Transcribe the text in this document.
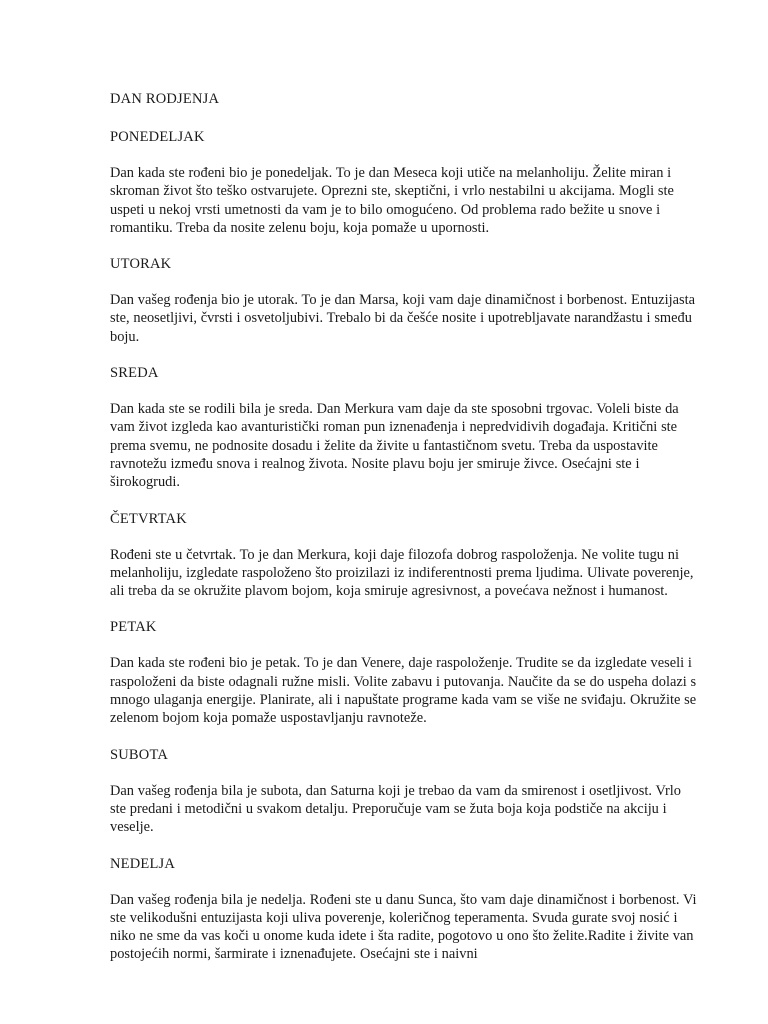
DAN RODJENJA
PONEDELJAK
Dan kada ste rođeni bio je ponedeljak. To je dan Meseca koji utiče na melanholiju. Želite miran i skroman život što teško ostvarujete. Oprezni ste, skeptični, i vrlo nestabilni u akcijama. Mogli ste uspeti u nekoj vrsti umetnosti da vam je to bilo omogućeno. Od problema rado bežite u snove i romantiku. Treba da nosite zelenu boju, koja pomaže u upornosti.
UTORAK
Dan vašeg rođenja bio je utorak. To je dan Marsa, koji vam daje dinamičnost i borbenost. Entuzijasta ste, neosetljivi, čvrsti i osvetoljubivi. Trebalo bi da češće nosite i upotrebljavate narandžastu i smeđu boju.
SREDA
Dan kada ste se rodili bila je sreda. Dan Merkura vam daje da ste sposobni trgovac. Voleli biste da vam život izgleda kao avanturistički roman pun iznenađenja i nepredvidivih događaja. Kritični ste prema svemu, ne podnosite dosadu i želite da živite u fantastičnom svetu. Treba da uspostavite ravnotežu između snova i realnog života. Nosite plavu boju jer smiruje živce. Osećajni ste i širokogrudi.
ČETVRTAK
Rođeni ste u četvrtak. To je dan Merkura, koji daje filozofa dobrog raspoloženja. Ne volite tugu ni melanholiju, izgledate raspoloženo što proizilazi iz indiferentnosti prema ljudima. Ulivate poverenje, ali treba da se okružite plavom bojom, koja smiruje agresivnost, a povećava nežnost i humanost.
PETAK
Dan kada ste rođeni bio je petak. To je dan Venere, daje raspoloženje. Trudite se da izgledate veseli i raspoloženi da biste odagnali ružne misli. Volite zabavu i putovanja. Naučite da se do uspeha dolazi s mnogo ulaganja energije. Planirate, ali i napuštate programe kada vam se više ne sviđaju. Okružite se zelenom bojom koja pomaže uspostavljanju ravnoteže.
SUBOTA
Dan vašeg rođenja bila je subota, dan Saturna koji je trebao da vam da smirenost i osetljivost. Vrlo ste predani i metodični u svakom detalju. Preporučuje vam se žuta boja koja podstiče na akciju i veselje.
NEDELJA
Dan vašeg rođenja bila je nedelja. Rođeni ste u danu Sunca, što vam daje dinamičnost i borbenost. Vi ste velikodušni entuzijasta koji uliva poverenje, koleričnog teperamenta. Svuda gurate svoj nosić i niko ne sme da vas koči u onome kuda idete i šta radite, pogotovo u ono što želite.Radite i živite van postojećih normi, šarmirate i iznenađujete. Osećajni ste i naivni
